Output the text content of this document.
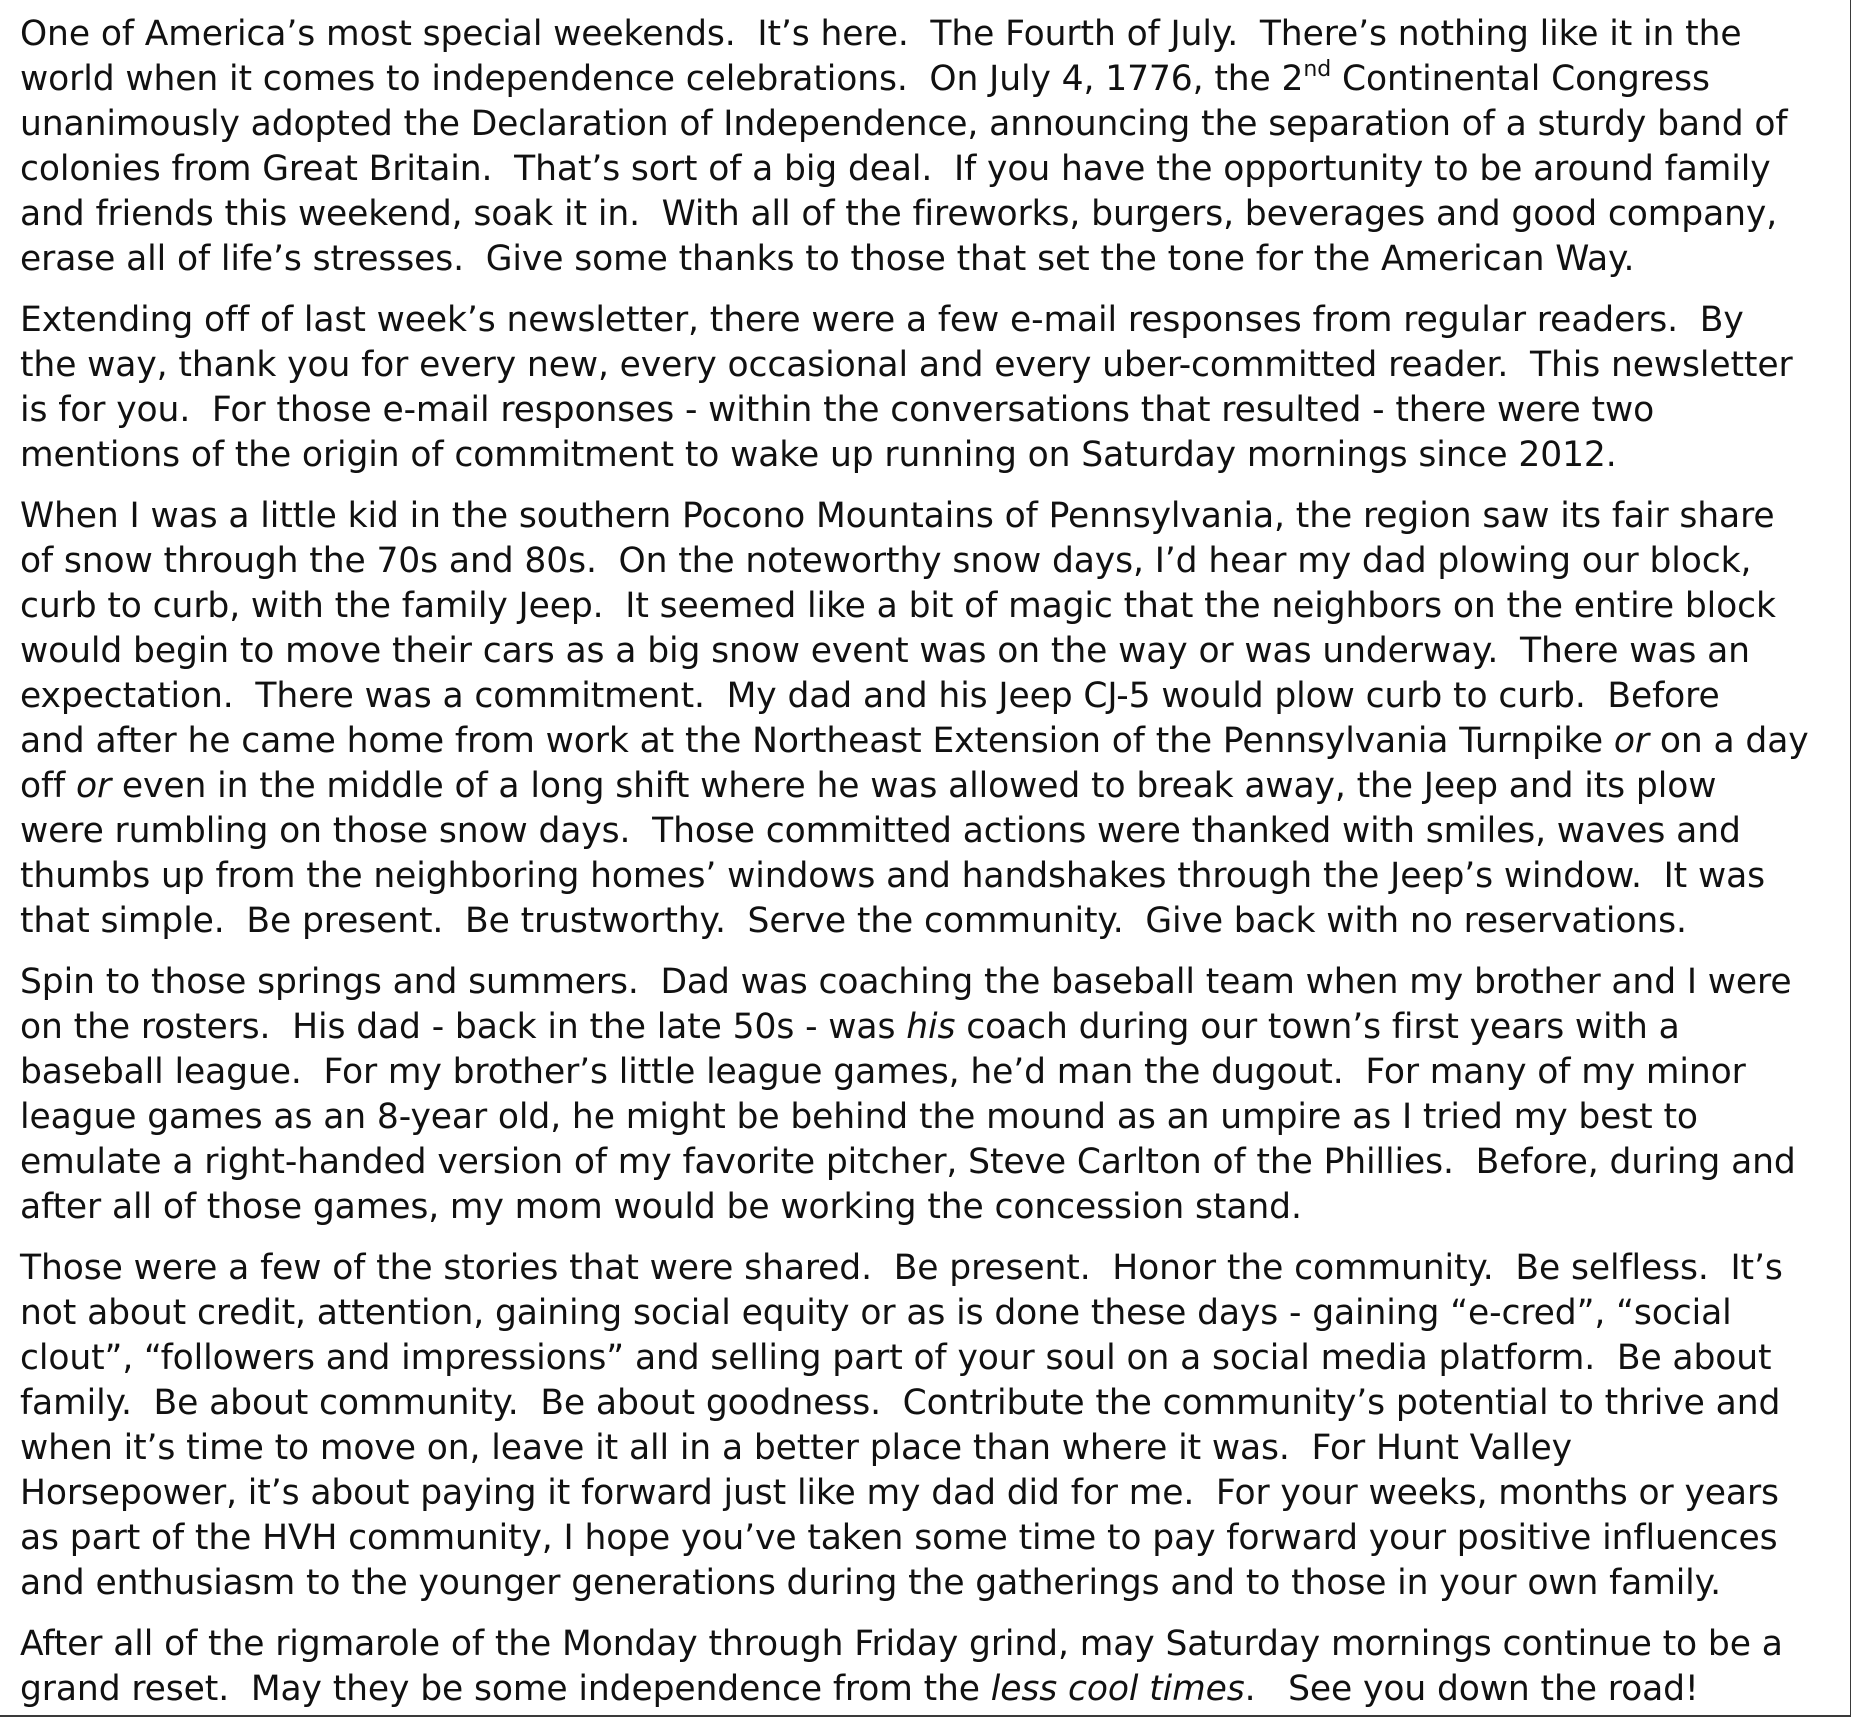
One of America’s most special weekends.  It’s here.  The Fourth of July.  There’s nothing like it in the
world when it comes to independence celebrations.  On July 4, 1776, the 2nd Continental Congress
unanimously adopted the Declaration of Independence, announcing the separation of a sturdy band of
colonies from Great Britain.  That’s sort of a big deal.  If you have the opportunity to be around family
and friends this weekend, soak it in.  With all of the fireworks, burgers, beverages and good company,
erase all of life’s stresses.  Give some thanks to those that set the tone for the American Way.
Extending off of last week’s newsletter, there were a few e-mail responses from regular readers.  By
the way, thank you for every new, every occasional and every uber-committed reader.  This newsletter
is for you.  For those e-mail responses - within the conversations that resulted - there were two
mentions of the origin of commitment to wake up running on Saturday mornings since 2012.
When I was a little kid in the southern Pocono Mountains of Pennsylvania, the region saw its fair share
of snow through the 70s and 80s.  On the noteworthy snow days, I’d hear my dad plowing our block,
curb to curb, with the family Jeep.  It seemed like a bit of magic that the neighbors on the entire block
would begin to move their cars as a big snow event was on the way or was underway.  There was an
expectation.  There was a commitment.  My dad and his Jeep CJ-5 would plow curb to curb.  Before
and after he came home from work at the Northeast Extension of the Pennsylvania Turnpike or on a day
off or even in the middle of a long shift where he was allowed to break away, the Jeep and its plow
were rumbling on those snow days.  Those committed actions were thanked with smiles, waves and
thumbs up from the neighboring homes’ windows and handshakes through the Jeep’s window.  It was
that simple.  Be present.  Be trustworthy.  Serve the community.  Give back with no reservations.
Spin to those springs and summers.  Dad was coaching the baseball team when my brother and I were
on the rosters.  His dad - back in the late 50s - was his coach during our town’s first years with a
baseball league.  For my brother’s little league games, he’d man the dugout.  For many of my minor
league games as an 8-year old, he might be behind the mound as an umpire as I tried my best to
emulate a right-handed version of my favorite pitcher, Steve Carlton of the Phillies.  Before, during and
after all of those games, my mom would be working the concession stand.
Those were a few of the stories that were shared.  Be present.  Honor the community.  Be selfless.  It’s
not about credit, attention, gaining social equity or as is done these days - gaining “e-cred”, “social
clout”, “followers and impressions” and selling part of your soul on a social media platform.  Be about
family.  Be about community.  Be about goodness.  Contribute the community’s potential to thrive and
when it’s time to move on, leave it all in a better place than where it was.  For Hunt Valley
Horsepower, it’s about paying it forward just like my dad did for me.  For your weeks, months or years
as part of the HVH community, I hope you’ve taken some time to pay forward your positive influences
and enthusiasm to the younger generations during the gatherings and to those in your own family.
After all of the rigmarole of the Monday through Friday grind, may Saturday mornings continue to be a
grand reset.  May they be some independence from the less cool times.   See you down the road!
